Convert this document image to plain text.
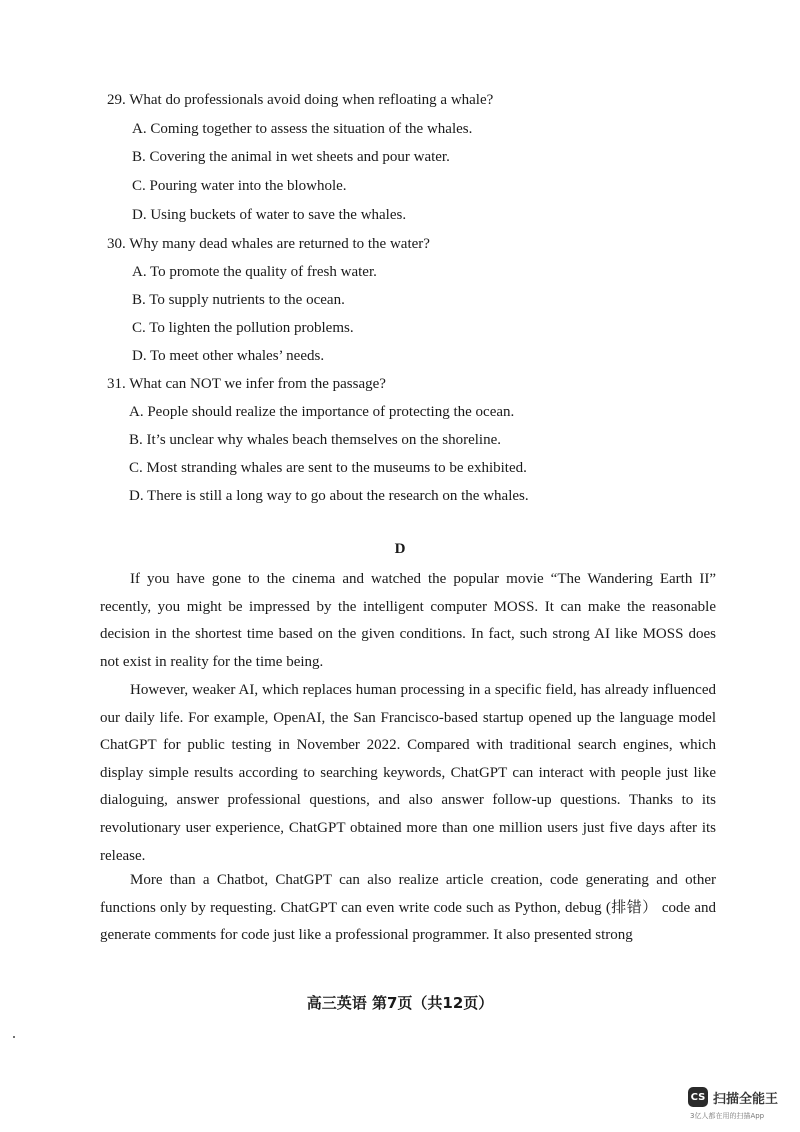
29. What do professionals avoid doing when refloating a whale?
A. Coming together to assess the situation of the whales.
B. Covering the animal in wet sheets and pour water.
C. Pouring water into the blowhole.
D. Using buckets of water to save the whales.
30. Why many dead whales are returned to the water?
A. To promote the quality of fresh water.
B. To supply nutrients to the ocean.
C. To lighten the pollution problems.
D. To meet other whales’ needs.
31. What can NOT we infer from the passage?
A. People should realize the importance of protecting the ocean.
B. It’s unclear why whales beach themselves on the shoreline.
C. Most stranding whales are sent to the museums to be exhibited.
D. There is still a long way to go about the research on the whales.
D
If you have gone to the cinema and watched the popular movie “The Wandering Earth II” recently, you might be impressed by the intelligent computer MOSS. It can make the reasonable decision in the shortest time based on the given conditions. In fact, such strong AI like MOSS does not exist in reality for the time being.
However, weaker AI, which replaces human processing in a specific field, has already influenced our daily life. For example, OpenAI, the San Francisco-based startup opened up the language model ChatGPT for public testing in November 2022. Compared with traditional search engines, which display simple results according to searching keywords, ChatGPT can interact with people just like dialoguing, answer professional questions, and also answer follow-up questions. Thanks to its revolutionary user experience, ChatGPT obtained more than one million users just five days after its release.
More than a Chatbot, ChatGPT can also realize article creation, code generating and other functions only by requesting. ChatGPT can even write code such as Python, debug (排错） code and generate comments for code just like a professional programmer. It also presented strong
高三英语 第7页（共12页）
CS 扫描全能王
3亿人都在用的扫描App
